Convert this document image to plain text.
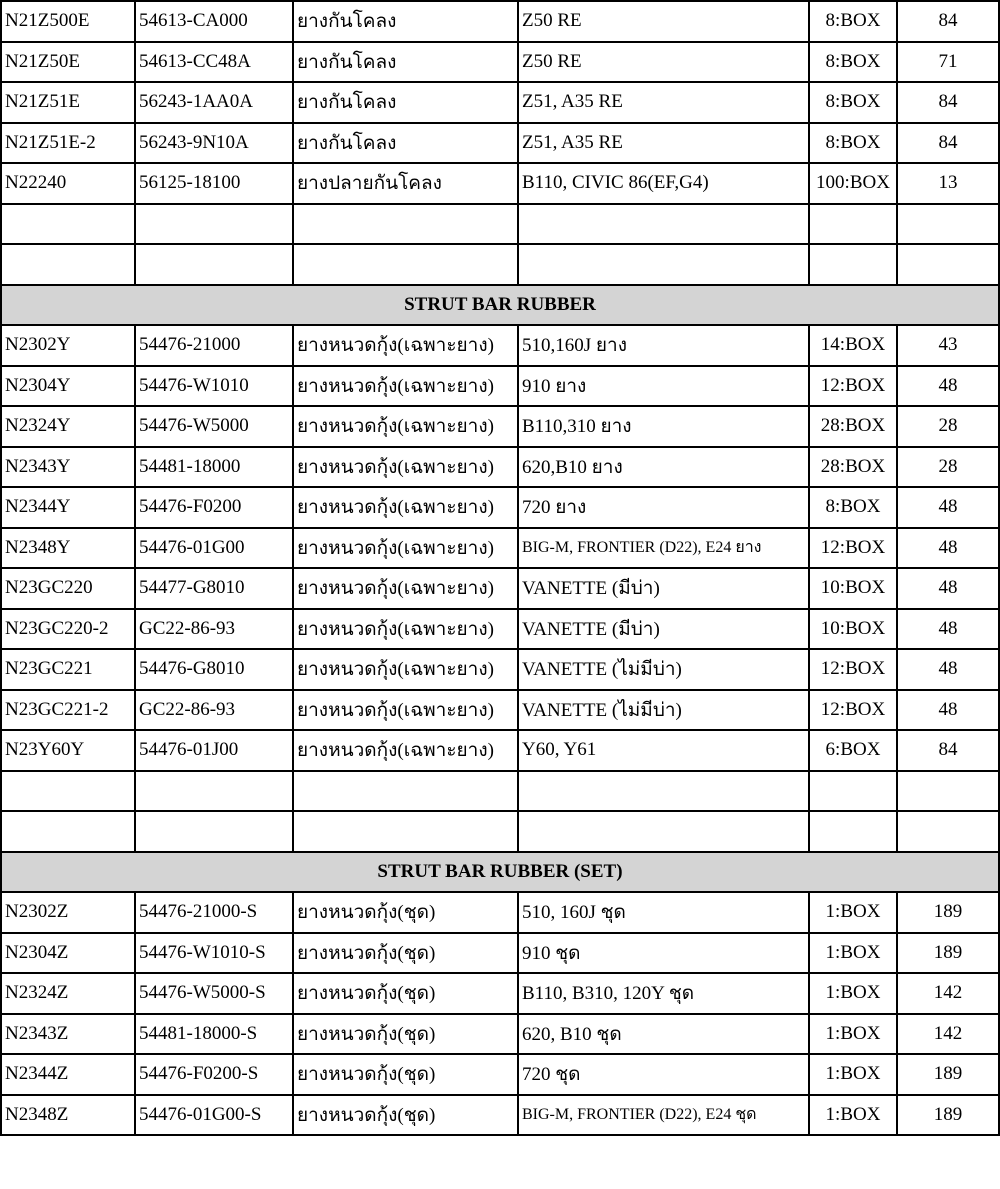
N21Z500E	54613-CA000	ยางกันโคลง	Z50 RE	8:BOX	84
N21Z50E	54613-CC48A	ยางกันโคลง	Z50 RE	8:BOX	71
N21Z51E	56243-1AA0A	ยางกันโคลง	Z51, A35 RE	8:BOX	84
N21Z51E-2	56243-9N10A	ยางกันโคลง	Z51, A35 RE	8:BOX	84
N22240	56125-18100	ยางปลายกันโคลง	B110, CIVIC 86(EF,G4)	100:BOX	13

STRUT BAR RUBBER					
N2302Y	54476-21000	ยางหนวดกุ้ง(เฉพาะยาง)	510,160J ยาง	14:BOX	43
N2304Y	54476-W1010	ยางหนวดกุ้ง(เฉพาะยาง)	910 ยาง	12:BOX	48
N2324Y	54476-W5000	ยางหนวดกุ้ง(เฉพาะยาง)	B110,310 ยาง	28:BOX	28
N2343Y	54481-18000	ยางหนวดกุ้ง(เฉพาะยาง)	620,B10 ยาง	28:BOX	28
N2344Y	54476-F0200	ยางหนวดกุ้ง(เฉพาะยาง)	720 ยาง	8:BOX	48
N2348Y	54476-01G00	ยางหนวดกุ้ง(เฉพาะยาง)	BIG-M, FRONTIER (D22), E24 ยาง	12:BOX	48
N23GC220	54477-G8010	ยางหนวดกุ้ง(เฉพาะยาง)	VANETTE (มีบ่า)	10:BOX	48
N23GC220-2	GC22-86-93	ยางหนวดกุ้ง(เฉพาะยาง)	VANETTE (มีบ่า)	10:BOX	48
N23GC221	54476-G8010	ยางหนวดกุ้ง(เฉพาะยาง)	VANETTE (ไม่มีบ่า)	12:BOX	48
N23GC221-2	GC22-86-93	ยางหนวดกุ้ง(เฉพาะยาง)	VANETTE (ไม่มีบ่า)	12:BOX	48
N23Y60Y	54476-01J00	ยางหนวดกุ้ง(เฉพาะยาง)	Y60, Y61	6:BOX	84

STRUT BAR RUBBER (SET)					
N2302Z	54476-21000-S	ยางหนวดกุ้ง(ชุด)	510, 160J ชุด	1:BOX	189
N2304Z	54476-W1010-S	ยางหนวดกุ้ง(ชุด)	910 ชุด	1:BOX	189
N2324Z	54476-W5000-S	ยางหนวดกุ้ง(ชุด)	B110, B310, 120Y ชุด	1:BOX	142
N2343Z	54481-18000-S	ยางหนวดกุ้ง(ชุด)	620, B10 ชุด	1:BOX	142
N2344Z	54476-F0200-S	ยางหนวดกุ้ง(ชุด)	720 ชุด	1:BOX	189
N2348Z	54476-01G00-S	ยางหนวดกุ้ง(ชุด)	BIG-M, FRONTIER (D22), E24 ชุด	1:BOX	189
